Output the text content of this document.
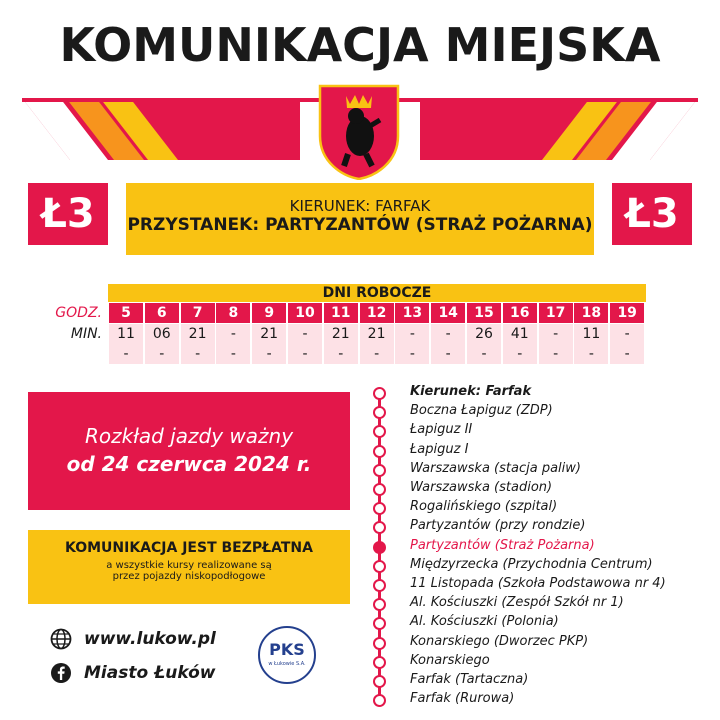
KOMUNIKACJA MIEJSKA
Ł3	Ł3
KIERUNEK: FARFAK
PRZYSTANEK: PARTYZANTÓW (STRAŻ POŻARNA)
DNI ROBOCZE
GODZ.
MIN.
5
11
-
6
06
-
7
21
-
8
-
-
9
21
-
10
-
-
11
21
-
12
21
-
13
-
-
14
-
-
15
26
-
16
41
-
17
-
-
18
11
-
19
-
-
Rozkład jazdy ważny
od 24 czerwca 2024 r.
KOMUNIKACJA JEST BEZPŁATNA
a wszystkie kursy realizowane są
przez pojazdy niskopodłogowe
www.lukow.pl
Miasto Łuków
PKS
w Łukowie S.A.
Kierunek: Farfak
Boczna Łapiguz (ZDP)
Łapiguz II
Łapiguz I
Warszawska (stacja paliw)
Warszawska (stadion)
Rogalińskiego (szpital)
Partyzantów (przy rondzie)
Partyzantów (Straż Pożarna)
Międzyrzecka (Przychodnia Centrum)
11 Listopada (Szkoła Podstawowa nr 4)
Al. Kościuszki (Zespół Szkół nr 1)
Al. Kościuszki (Polonia)
Konarskiego (Dworzec PKP)
Konarskiego
Farfak (Tartaczna)
Farfak (Rurowa)
